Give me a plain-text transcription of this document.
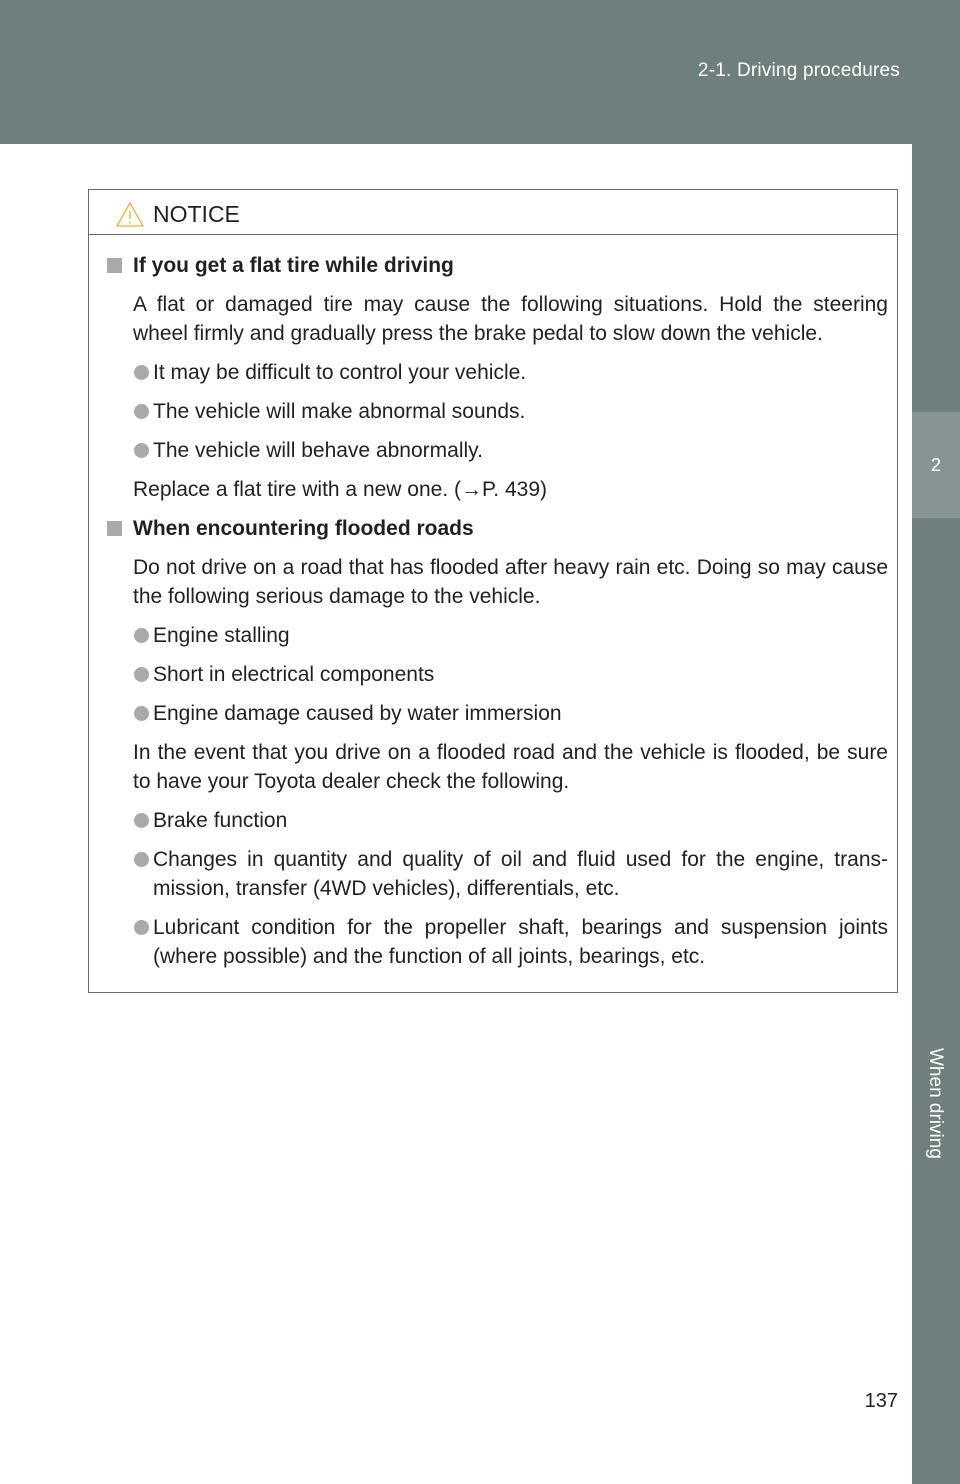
2-1. Driving procedures
2
When driving
NOTICE
If you get a flat tire while driving
A flat or damaged tire may cause the following situations. Hold the steering wheel firmly and gradually press the brake pedal to slow down the vehicle.
It may be difficult to control your vehicle.
The vehicle will make abnormal sounds.
The vehicle will behave abnormally.
Replace a flat tire with a new one. (→P. 439)
When encountering flooded roads
Do not drive on a road that has flooded after heavy rain etc. Doing so may cause the following serious damage to the vehicle.
Engine stalling
Short in electrical components
Engine damage caused by water immersion
In the event that you drive on a flooded road and the vehicle is flooded, be sure to have your Toyota dealer check the following.
Brake function
Changes in quantity and quality of oil and fluid used for the engine, trans-mission, transfer (4WD vehicles), differentials, etc.
Lubricant condition for the propeller shaft, bearings and suspension joints (where possible) and the function of all joints, bearings, etc.
137
